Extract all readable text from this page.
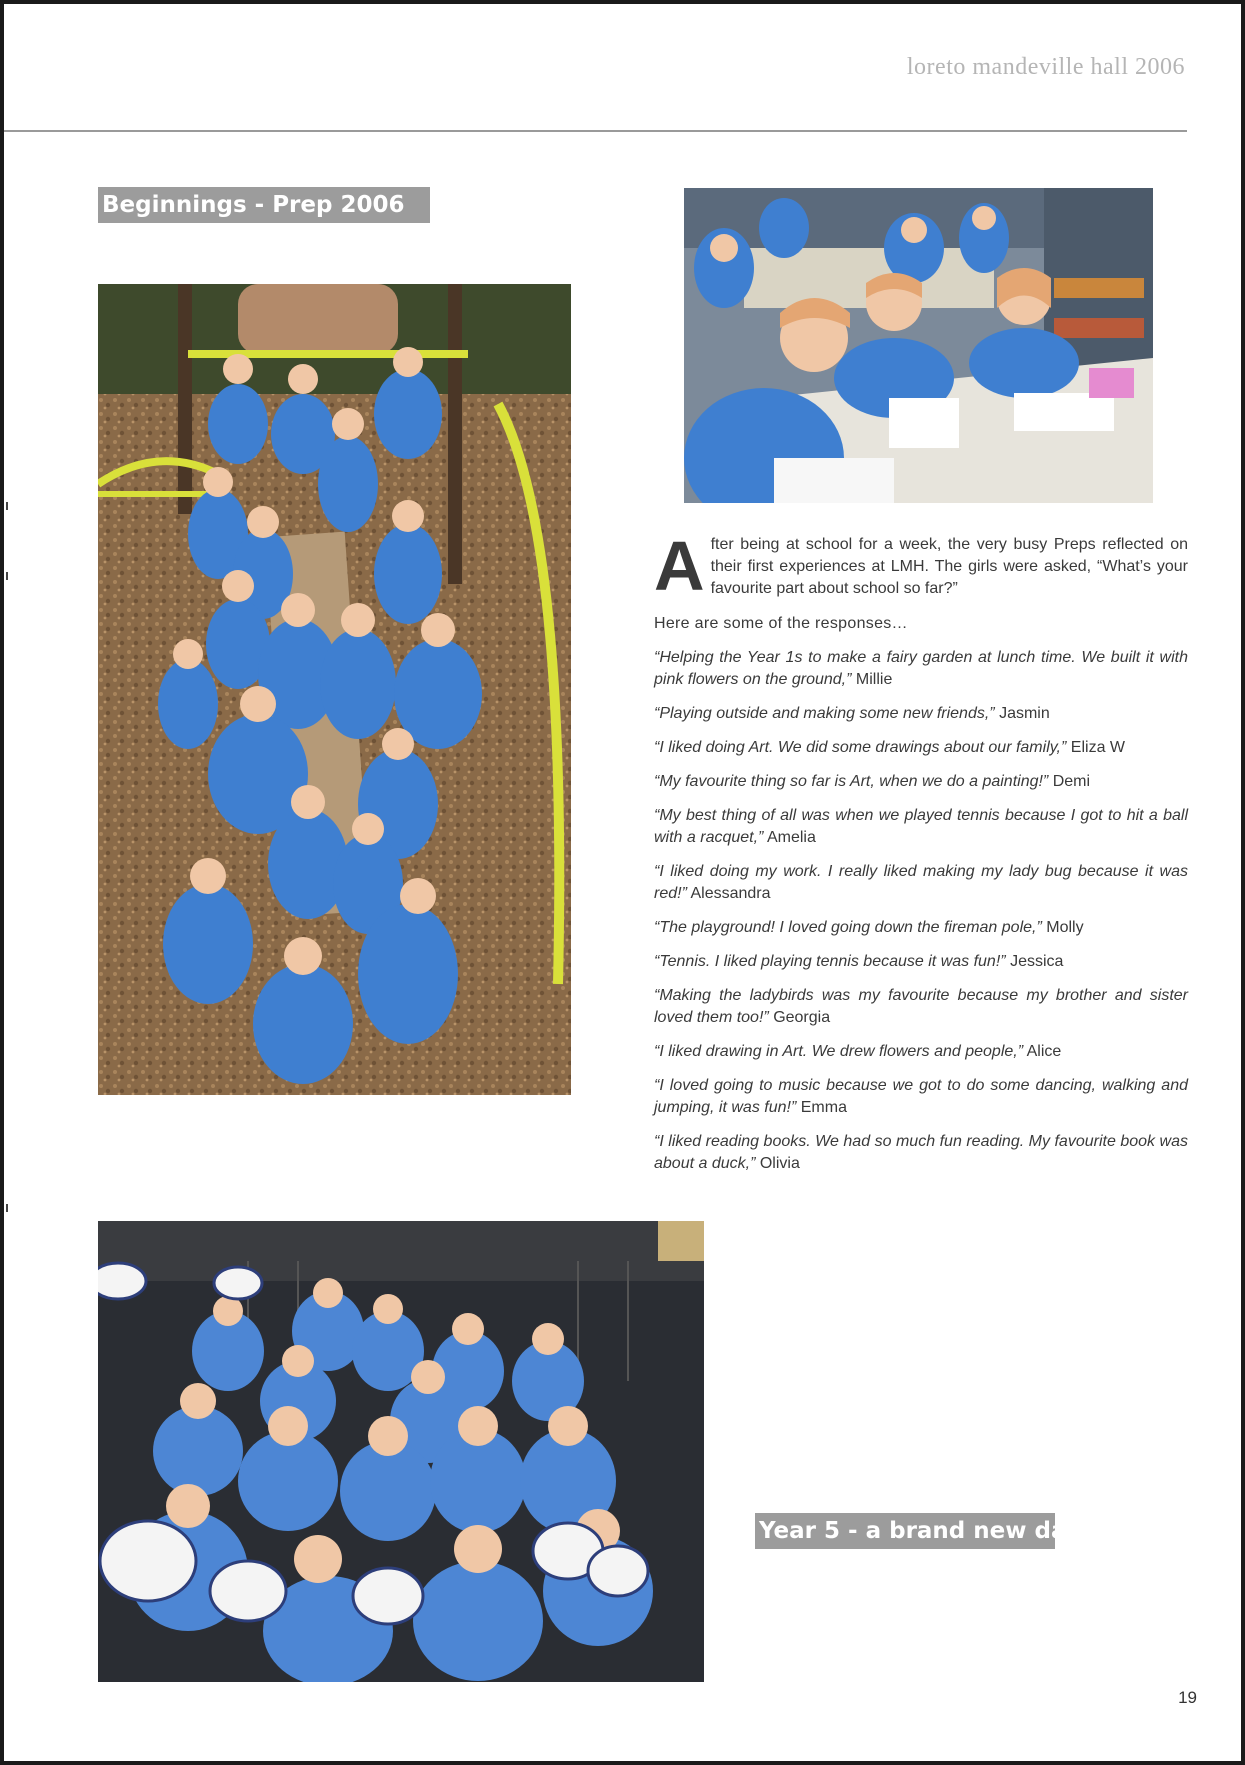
loreto mandeville hall 2006
Beginnings - Prep 2006

After being at school for a week, the very busy Preps reflected on their first experiences at LMH. The girls were asked, “What’s your favourite part about school so far?”

Here are some of the responses…

“Helping the Year 1s to make a fairy garden at lunch time. We built it with pink flowers on the ground,” Millie

“Playing outside and making some new friends,” Jasmin

“I liked doing Art. We did some drawings about our family,” Eliza W

“My favourite thing so far is Art, when we do a painting!” Demi

“My best thing of all was when we played tennis because I got to hit a ball with a racquet,” Amelia

“I liked doing my work. I really liked making my lady bug because it was red!” Alessandra

“The playground! I loved going down the fireman pole,” Molly

“Tennis. I liked playing tennis because it was fun!” Jessica

“Making the ladybirds was my favourite because my brother and sister loved them too!” Georgia

“I liked drawing in Art. We drew flowers and people,” Alice

“I loved going to music because we got to do some dancing, walking and jumping, it was fun!” Emma

“I liked reading books. We had so much fun reading. My favourite book was about a duck,” Olivia

Year 5 - a brand new day
19
